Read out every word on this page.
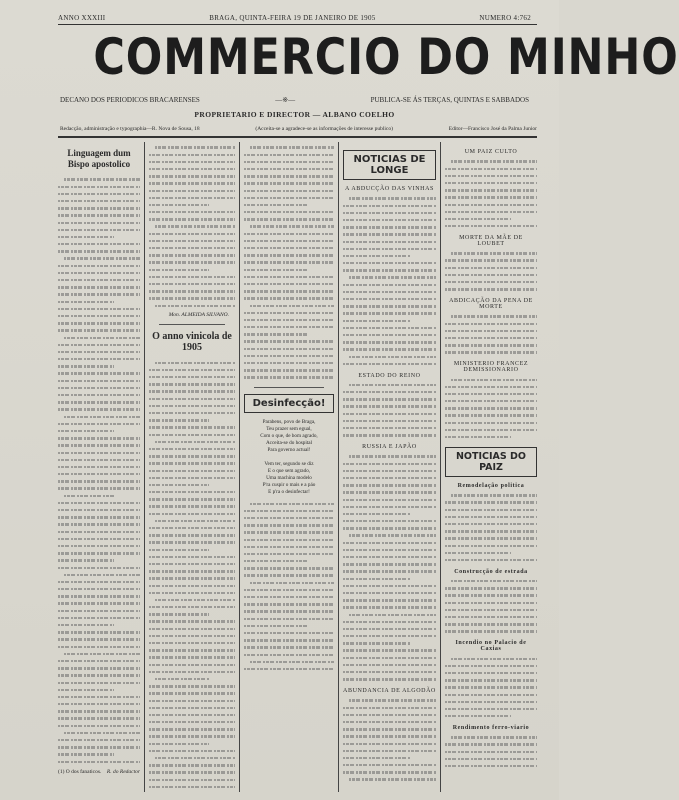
ANNO XXXIII	BRAGA, QUINTA-FEIRA 19 DE JANEIRO DE 1905	NUMERO 4:762
COMMERCIO DO MINHO
DECANO DOS PERIODICOS BRACARENSES	—※—	PUBLICA-SE ÁS TERÇAS, QUINTAS E SABBADOS
PROPRIETARIO E DIRECTOR — ALBANO COELHO
Redacção, administração e typographia—R. Nova de Sousa, 18	(Acceita-se a agradece-se as informações de interesse publico)	Editor—Francisco José da Palma Junior
Linguagem dum Bispo apostolico
(1) O dos fanaticos. R. do Redactor
Mon. ALMEIDA SILVANO.
O anno vinicola de 1905
Desinfecção!
Parabens, povo de Braga,
Teu prazer sem egual,
Com o que, de bom agrado,
Acceita-se do hospital
Para governo actual!

Vem ter, segundo se diz
E o que sem agrado,
Uma machina modelo
P'ra cuspir o mais e a páo
E p'ra o desinfectar!
NOTICIAS DE LONGE
A ABDUCÇÃO DAS VINHAS
ESTADO DO REINO
RUSSIA E JAPÃO
ABUNDANCIA DE ALGODÃO
UM PAIZ CULTO
MORTE DA MÃE DE LOUBET
ABDICAÇÃO DA PENA DE MORTE
MINISTERIO FRANCEZ DEMISSIONARIO
NOTICIAS DO PAIZ
Remodelação politica
Construcção de estrada
Incendio no Palacio de Caxias
Rendimento ferro-viario
